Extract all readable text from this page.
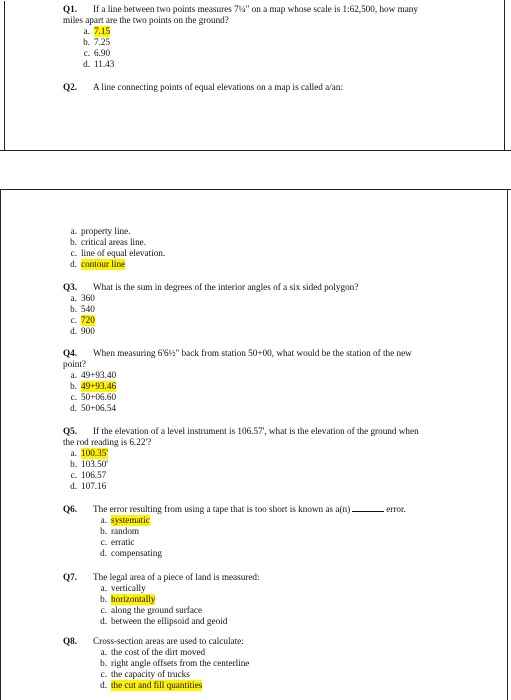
Q1.	If a line between two points measures 7¼" on a map whose scale is 1:62,500, how many
miles apart are the two points on the ground?
a. 7.15
b. 7.25
c. 6.90
d. 11.43
Q2.	A line connecting points of equal elevations on a map is called a/an:
a. property line.
b. critical areas line.
c. line of equal elevation.
d. contour line
Q3.	What is the sum in degrees of the interior angles of a six sided polygon?
a. 360
b. 540
c. 720
d. 900
Q4.	When measuring 6'6½" back from station 50+00, what would be the station of the new
point?
a. 49+93.40
b. 49+93.46
c. 50+06.60
d. 50+06.54
Q5.	If the elevation of a level instrument is 106.57', what is the elevation of the ground when
the rod reading is 6.22'?
a. 100.35'
b. 103.50'
c. 106.57
d. 107.16
Q6.	The error resulting from using a tape that is too short is known as a(n)	error.
a. systematic
b. random
c. erratic
d. compensating
Q7.	The legal area of a piece of land is measured:
a. vertically
b. horizontally
c. along the ground surface
d. between the ellipsoid and geoid
Q8.	Cross-section areas are used to calculate:
a. the cost of the dirt moved
b. right angle offsets from the centerline
c. the capacity of trucks
d. the cut and fill quantities
